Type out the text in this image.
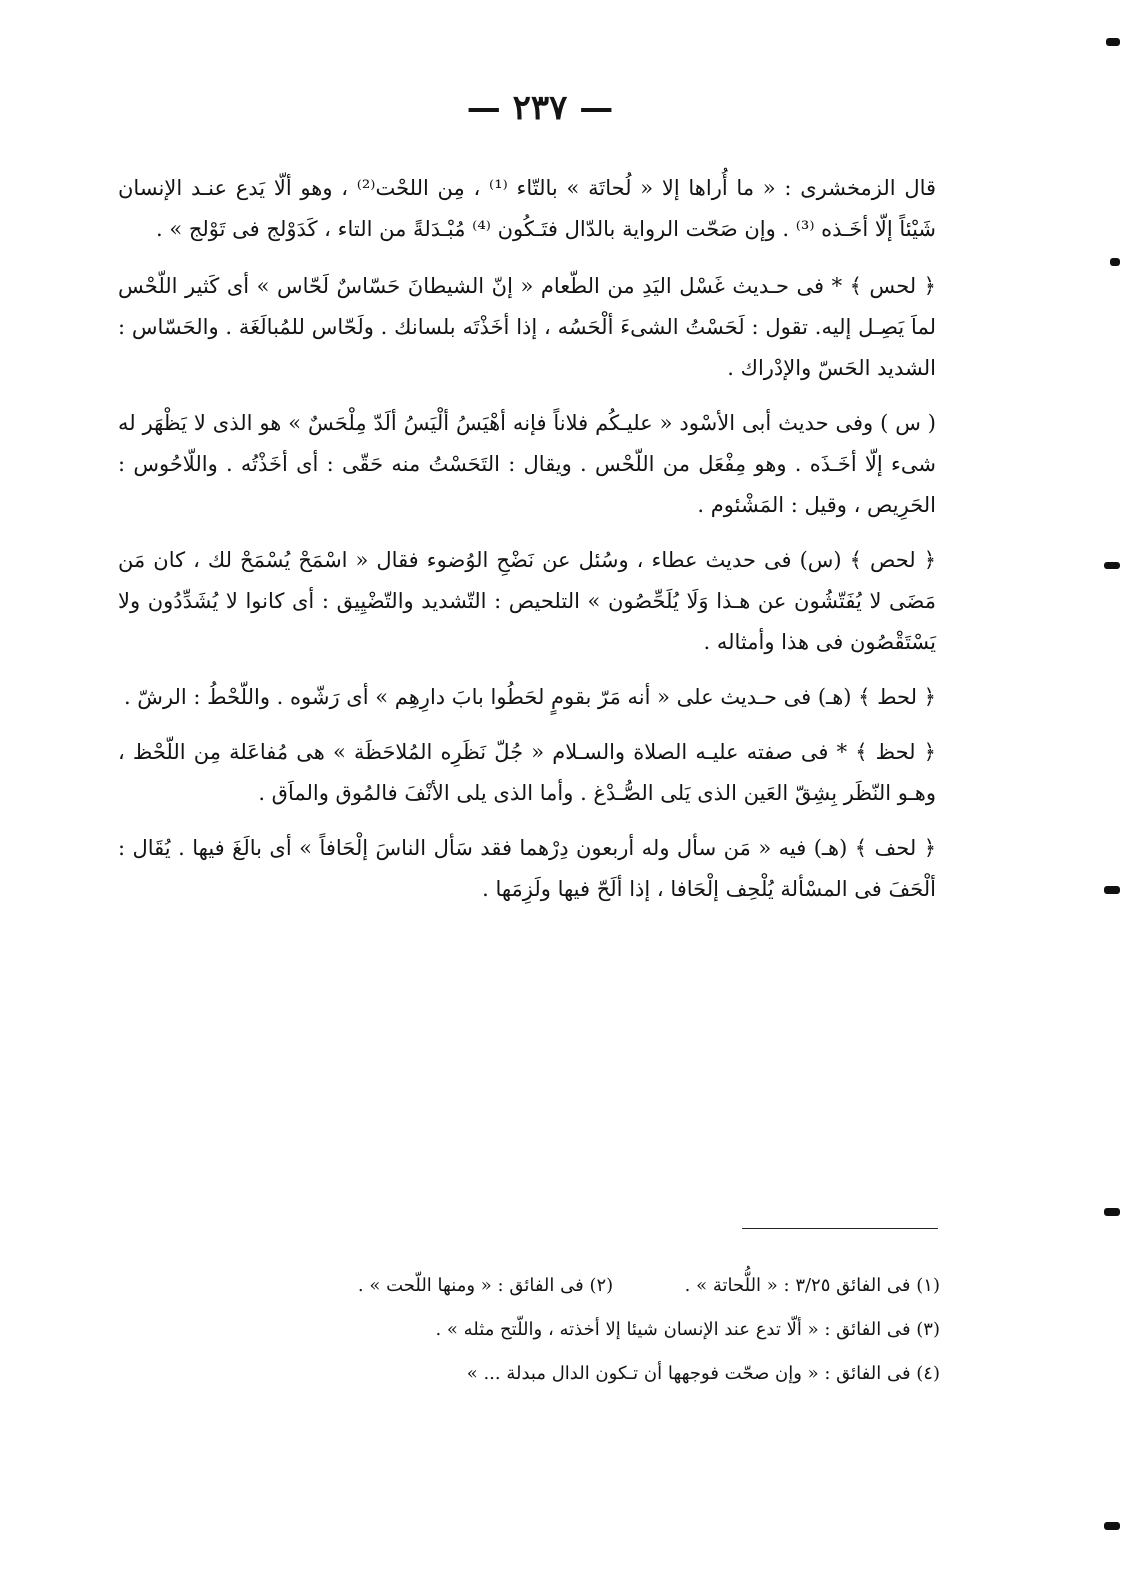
— ٢٣٧ —

قال الزمخشرى : « ما أُراها إلا « لُحاتَة » بالتّاء ⁽¹⁾ ، مِن اللحْت⁽²⁾ ، وهو ألّا يَدع عنـد الإنسان شَيْئاً إلّا أخَـذه ⁽³⁾ . وإن صَحّت الرواية بالدّال فتَـكُون ⁽⁴⁾ مُبْـدَلةً من التاء ، كَدَوْلج فى تَوْلج » .

﴿ لحس ﴾ * فى حـديث غَسْل اليَدِ من الطّعام « إنّ الشيطانَ حَسّاسٌ لَحّاس » أى كَثير اللّحْس لماَ يَصِـل إليه. تقول : لَحَسْتُ الشىءَ ألْحَسُه ، إذا أخَذْتَه بلسانك . ولَحّاس للمُبالَغَة . والحَسّاس : الشديد الحَسّ والإدْراك .

( س ) وفى حديث أبى الأسْود « عليـكُم فلاناً فإنه أهْيَسُ ألْيَسُ ألَدّ مِلْحَسٌ » هو الذى لا يَظْهَر له شىء إلّا أخَـذَه . وهو مِفْعَل من اللّحْس . ويقال : التَحَسْتُ منه حَقّى : أى أخَذْتُه . واللّاحُوس : الحَرِيص ، وقيل : المَشْئوم .

﴿ لحص ﴾ (س) فى حديث عطاء ، وسُئل عن نَضْحِ الوُضوء فقال « اسْمَحْ يُسْمَحْ لك ، كان مَن مَضَى لا يُفَتّشُون عن هـذا وَلَا يُلَحِّصُون » التلحيص : التّشديد والتّضْيِيق : أى كانوا لا يُشَدِّدُون ولا يَسْتَقْصُون فى هذا وأمثاله .

﴿ لحط ﴾ (هـ) فى حـديث على « أنه مَرّ بقومٍ لحَطُوا بابَ دارِهِم » أى رَشّوه . واللّحْطُ : الرشّ .

﴿ لحظ ﴾ * فى صفته عليـه الصلاة والسـلام « جُلّ نَظَرِه المُلاحَظَة » هى مُفاعَلة مِن اللّحْظ ، وهـو النّظَر بِشِقّ العَين الذى يَلى الصُّـدْغ . وأما الذى يلى الأنْفَ فالمُوق والماَق .

﴿ لحف ﴾ (هـ) فيه « مَن سأل وله أربعون دِرْهما فقد سَأل الناسَ إلْحَافاً » أى بالَغَ فيها . يُقَال : ألْحَفَ فى المسْألة يُلْحِف إلْحَافا ، إذا ألَحّ فيها ولَزِمَها .

(١) فى الفائق ٣/٢٥ : « اللُّحاتة » .  (٢) فى الفائق : « ومنها اللّحت » .
(٣) فى الفائق : « ألّا تدع عند الإنسان شيئا إلا أخذته ، واللّتح مثله » .
(٤) فى الفائق : « وإن صحّت فوجهها أن تـكون الدال مبدلة ... »
